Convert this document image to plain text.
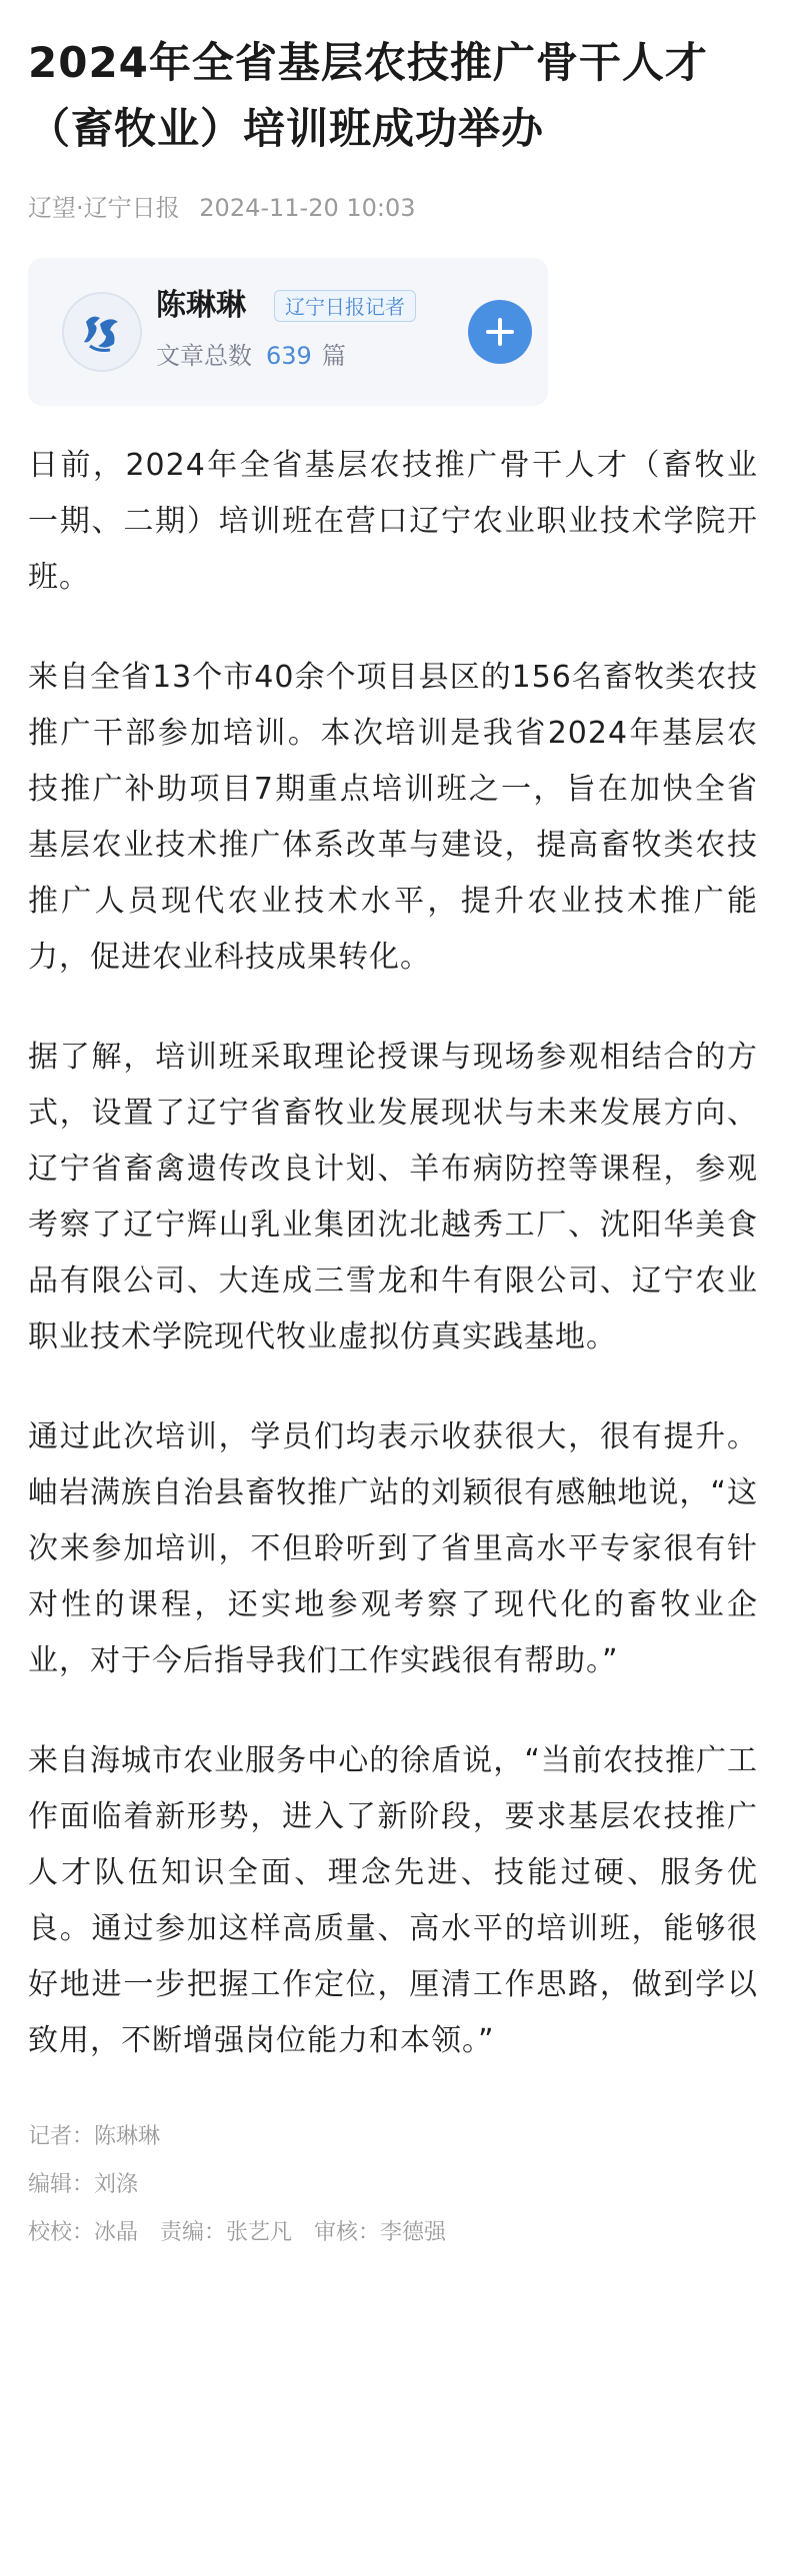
2024年全省基层农技推广骨干人才（畜牧业）培训班成功举办
辽望·辽宁日报 2024-11-20 10:03
陈琳琳	辽宁日报记者
文章总数 639 篇

日前，2024年全省基层农技推广骨干人才（畜牧业一期、二期）培训班在营口辽宁农业职业技术学院开班。

来自全省13个市40余个项目县区的156名畜牧类农技推广干部参加培训。本次培训是我省2024年基层农技推广补助项目7期重点培训班之一，旨在加快全省基层农业技术推广体系改革与建设，提高畜牧类农技推广人员现代农业技术水平，提升农业技术推广能力，促进农业科技成果转化。

据了解，培训班采取理论授课与现场参观相结合的方式，设置了辽宁省畜牧业发展现状与未来发展方向、辽宁省畜禽遗传改良计划、羊布病防控等课程，参观考察了辽宁辉山乳业集团沈北越秀工厂、沈阳华美食品有限公司、大连成三雪龙和牛有限公司、辽宁农业职业技术学院现代牧业虚拟仿真实践基地。

通过此次培训，学员们均表示收获很大，很有提升。岫岩满族自治县畜牧推广站的刘颖很有感触地说，“这次来参加培训，不但聆听到了省里高水平专家很有针对性的课程，还实地参观考察了现代化的畜牧业企业，对于今后指导我们工作实践很有帮助。”

来自海城市农业服务中心的徐盾说，“当前农技推广工作面临着新形势，进入了新阶段，要求基层农技推广人才队伍知识全面、理念先进、技能过硬、服务优良。通过参加这样高质量、高水平的培训班，能够很好地进一步把握工作定位，厘清工作思路，做到学以致用，不断增强岗位能力和本领。”

记者：陈琳琳
编辑：刘涤
校校：冰晶 责编：张艺凡 审核：李德强
